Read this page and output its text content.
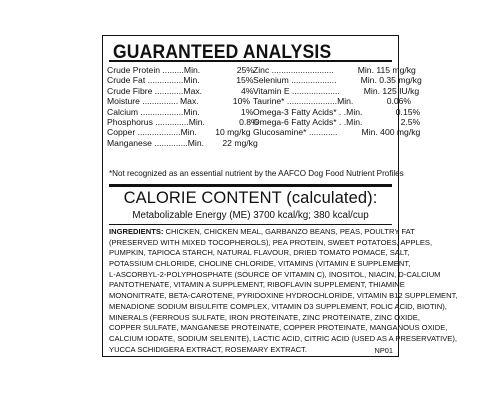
GUARANTEED ANALYSIS
Crude Protein ......... Min.	25%
Crude Fat ............... Min.	15%
Crude Fibre ............ Max.	4%
Moisture ............... Max.	10%
Calcium .................. Min.	1%
Phosphorus .............. Min.	0.8%
Copper .................. Min.	10 mg/kg
Manganese .............. Min.	22 mg/kg
Zinc ..........................	Min. 115 mg/kg
Selenium ...................	Min. 0.35 mg/kg
Vitamin E ....................	Min. 125 IU/kg
Taurine* ..................... Min.	0.06%
Omega-3 Fatty Acids* . . Min.	0.15%
Omega-6 Fatty Acids* . . Min.	2.5%
Glucosamine* ............	Min. 400 mg/kg
*Not recognized as an essential nutrient by the AAFCO Dog Food Nutrient Profiles
CALORIE CONTENT (calculated):
Metabolizable Energy (ME) 3700 kcal/kg; 380 kcal/cup
INGREDIENTS: CHICKEN, CHICKEN MEAL, GARBANZO BEANS, PEAS, POULTRY FAT
(PRESERVED WITH MIXED TOCOPHEROLS), PEA PROTEIN, SWEET POTATOES, APPLES,
PUMPKIN, TAPIOCA STARCH, NATURAL FLAVOUR, DRIED TOMATO POMACE, SALT,
POTASSIUM CHLORIDE, CHOLINE CHLORIDE, VITAMINS (VITAMIN E SUPPLEMENT,
L-ASCORBYL-2-POLYPHOSPHATE (SOURCE OF VITAMIN C), INOSITOL, NIACIN, D-CALCIUM
PANTOTHENATE, VITAMIN A SUPPLEMENT, RIBOFLAVIN SUPPLEMENT, THIAMINE
MONONITRATE, BETA-CAROTENE, PYRIDOXINE HYDROCHLORIDE, VITAMIN B12 SUPPLEMENT,
MENADIONE SODIUM BISULFITE COMPLEX, VITAMIN D3 SUPPLEMENT, FOLIC ACID, BIOTIN),
MINERALS (FERROUS SULFATE, IRON PROTEINATE, ZINC PROTEINATE, ZINC OXIDE,
COPPER SULFATE, MANGANESE PROTEINATE, COPPER PROTEINATE, MANGANOUS OXIDE,
CALCIUM IODATE, SODIUM SELENITE), LACTIC ACID, CITRIC ACID (USED AS A PRESERVATIVE),
YUCCA SCHIDIGERA EXTRACT, ROSEMARY EXTRACT.	NP01
